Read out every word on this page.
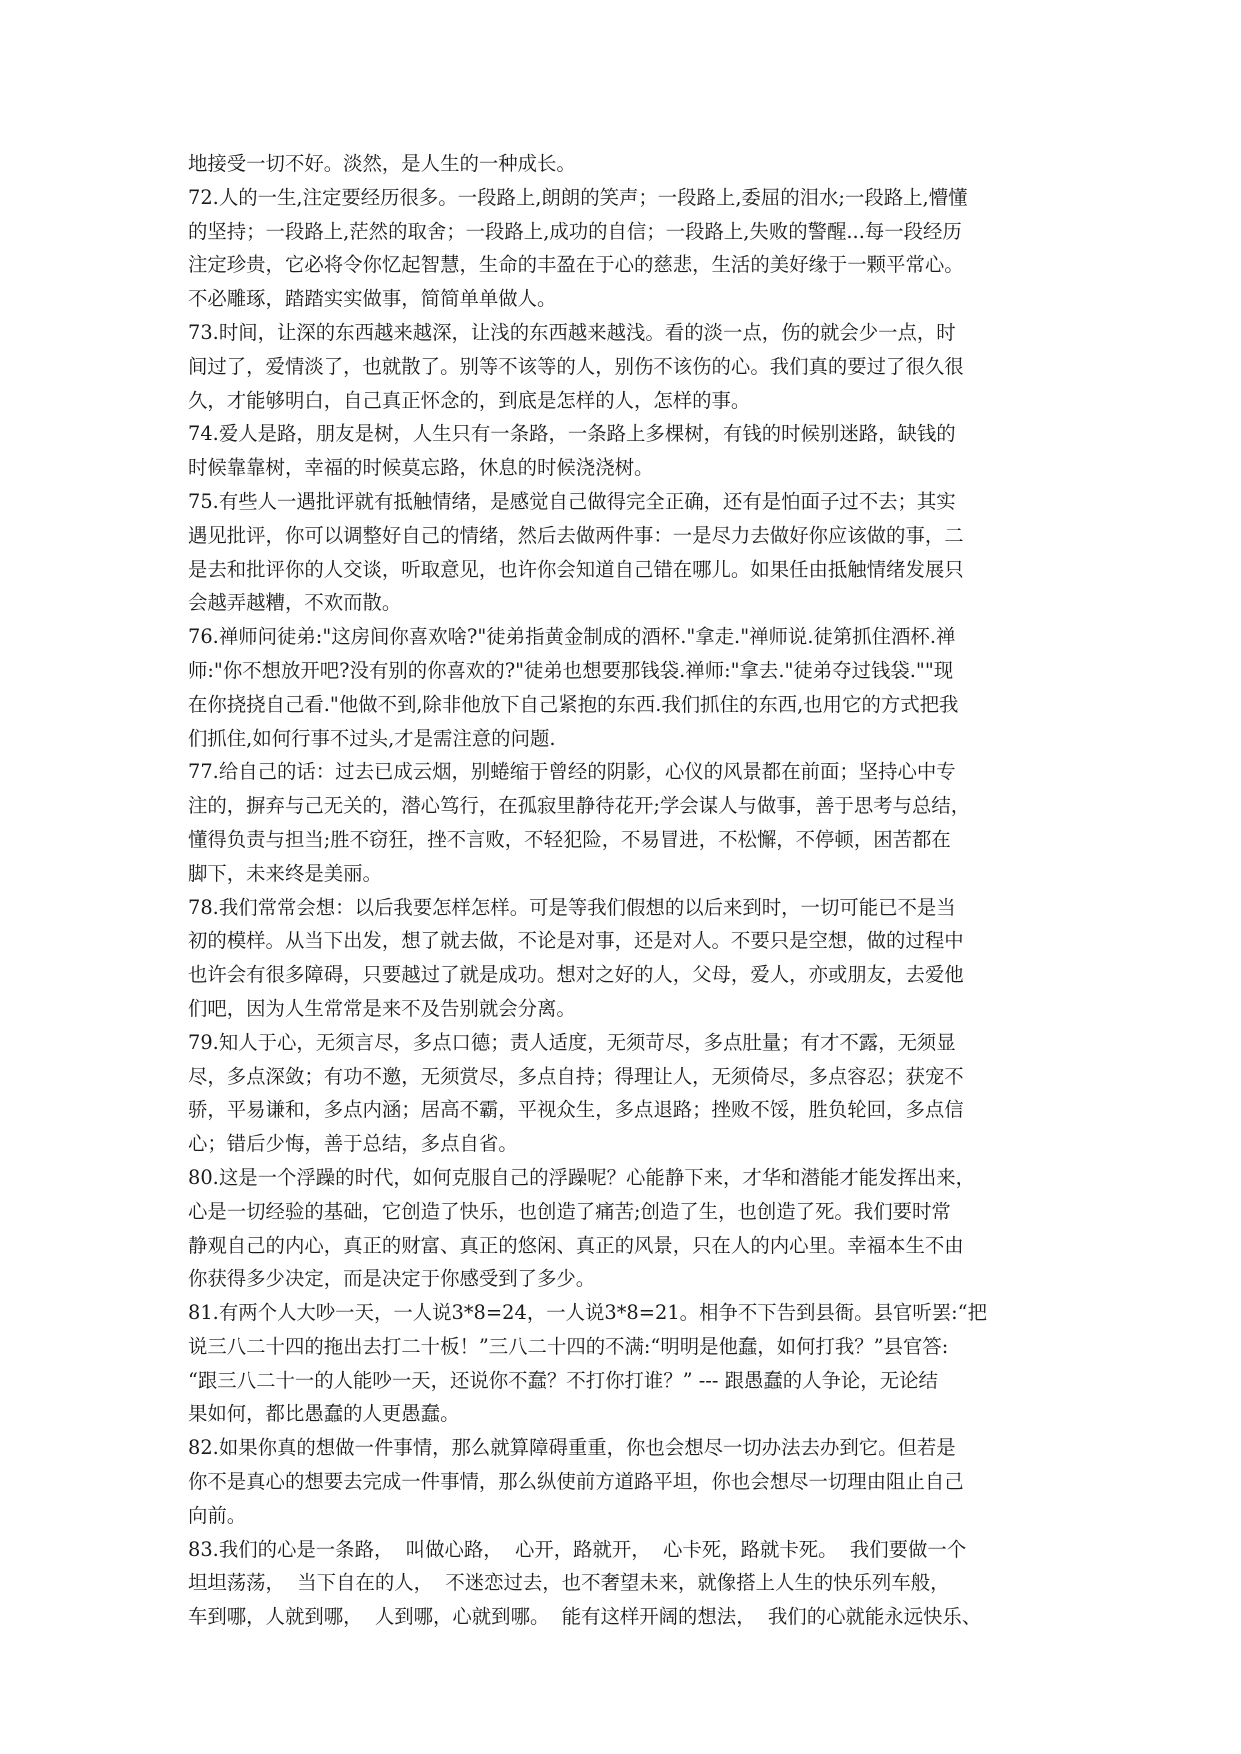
地接受一切不好。淡然，是人生的一种成长。
72.人的一生,注定要经历很多。一段路上,朗朗的笑声；一段路上,委屈的泪水;一段路上,懵懂
的坚持；一段路上,茫然的取舍；一段路上,成功的自信；一段路上,失败的警醒...每一段经历
注定珍贵，它必将令你忆起智慧，生命的丰盈在于心的慈悲，生活的美好缘于一颗平常心。
不必雕琢，踏踏实实做事，简简单单做人。
73.时间，让深的东西越来越深，让浅的东西越来越浅。看的淡一点，伤的就会少一点，时
间过了，爱情淡了，也就散了。别等不该等的人，别伤不该伤的心。我们真的要过了很久很
久，才能够明白，自己真正怀念的，到底是怎样的人，怎样的事。
74.爱人是路，朋友是树，人生只有一条路，一条路上多棵树，有钱的时候别迷路，缺钱的
时候靠靠树，幸福的时候莫忘路，休息的时候浇浇树。
75.有些人一遇批评就有抵触情绪，是感觉自己做得完全正确，还有是怕面子过不去；其实
遇见批评，你可以调整好自己的情绪，然后去做两件事：一是尽力去做好你应该做的事，二
是去和批评你的人交谈，听取意见，也许你会知道自己错在哪儿。如果任由抵触情绪发展只
会越弄越糟，不欢而散。
76.禅师问徒弟:"这房间你喜欢啥?"徒弟指黄金制成的酒杯."拿走."禅师说.徒第抓住酒杯.禅
师:"你不想放开吧?没有别的你喜欢的?"徒弟也想要那钱袋.禅师:"拿去."徒弟夺过钱袋.""现
在你挠挠自己看."他做不到,除非他放下自己紧抱的东西.我们抓住的东西,也用它的方式把我
们抓住,如何行事不过头,才是需注意的问题.
77.给自己的话：过去已成云烟，别蜷缩于曾经的阴影，心仪的风景都在前面；坚持心中专
注的，摒弃与己无关的，潜心笃行，在孤寂里静待花开;学会谋人与做事，善于思考与总结，
懂得负责与担当;胜不窃狂，挫不言败，不轻犯险，不易冒进，不松懈，不停顿，困苦都在
脚下，未来终是美丽。
78.我们常常会想：以后我要怎样怎样。可是等我们假想的以后来到时，一切可能已不是当
初的模样。从当下出发，想了就去做，不论是对事，还是对人。不要只是空想，做的过程中
也许会有很多障碍，只要越过了就是成功。想对之好的人，父母，爱人，亦或朋友，去爱他
们吧，因为人生常常是来不及告别就会分离。
79.知人于心，无须言尽，多点口德；责人适度，无须苛尽，多点肚量；有才不露，无须显
尽，多点深敛；有功不邀，无须赏尽，多点自持；得理让人，无须倚尽，多点容忍；获宠不
骄，平易谦和，多点内涵；居高不霸，平视众生，多点退路；挫败不馁，胜负轮回，多点信
心；错后少悔，善于总结，多点自省。
80.这是一个浮躁的时代，如何克服自己的浮躁呢？心能静下来，才华和潜能才能发挥出来，
心是一切经验的基础，它创造了快乐，也创造了痛苦;创造了生，也创造了死。我们要时常
静观自己的内心，真正的财富、真正的悠闲、真正的风景，只在人的内心里。幸福本生不由
你获得多少决定，而是决定于你感受到了多少。
81.有两个人大吵一天，一人说3*8=24，一人说3*8=21。相争不下告到县衙。县官听罢:“把
说三八二十四的拖出去打二十板！”三八二十四的不满:“明明是他蠢，如何打我？”县官答:
“跟三八二十一的人能吵一天，还说你不蠢？不打你打谁？” --- 跟愚蠢的人争论，无论结
果如何，都比愚蠢的人更愚蠢。
82.如果你真的想做一件事情，那么就算障碍重重，你也会想尽一切办法去办到它。但若是
你不是真心的想要去完成一件事情，那么纵使前方道路平坦，你也会想尽一切理由阻止自己
向前。
83.我们的心是一条路，  叫做心路，  心开，路就开，  心卡死，路就卡死。  我们要做一个
坦坦荡荡，  当下自在的人，  不迷恋过去，也不奢望未来，就像搭上人生的快乐列车般，
车到哪，人就到哪，  人到哪，心就到哪。  能有这样开阔的想法，  我们的心就能永远快乐、
